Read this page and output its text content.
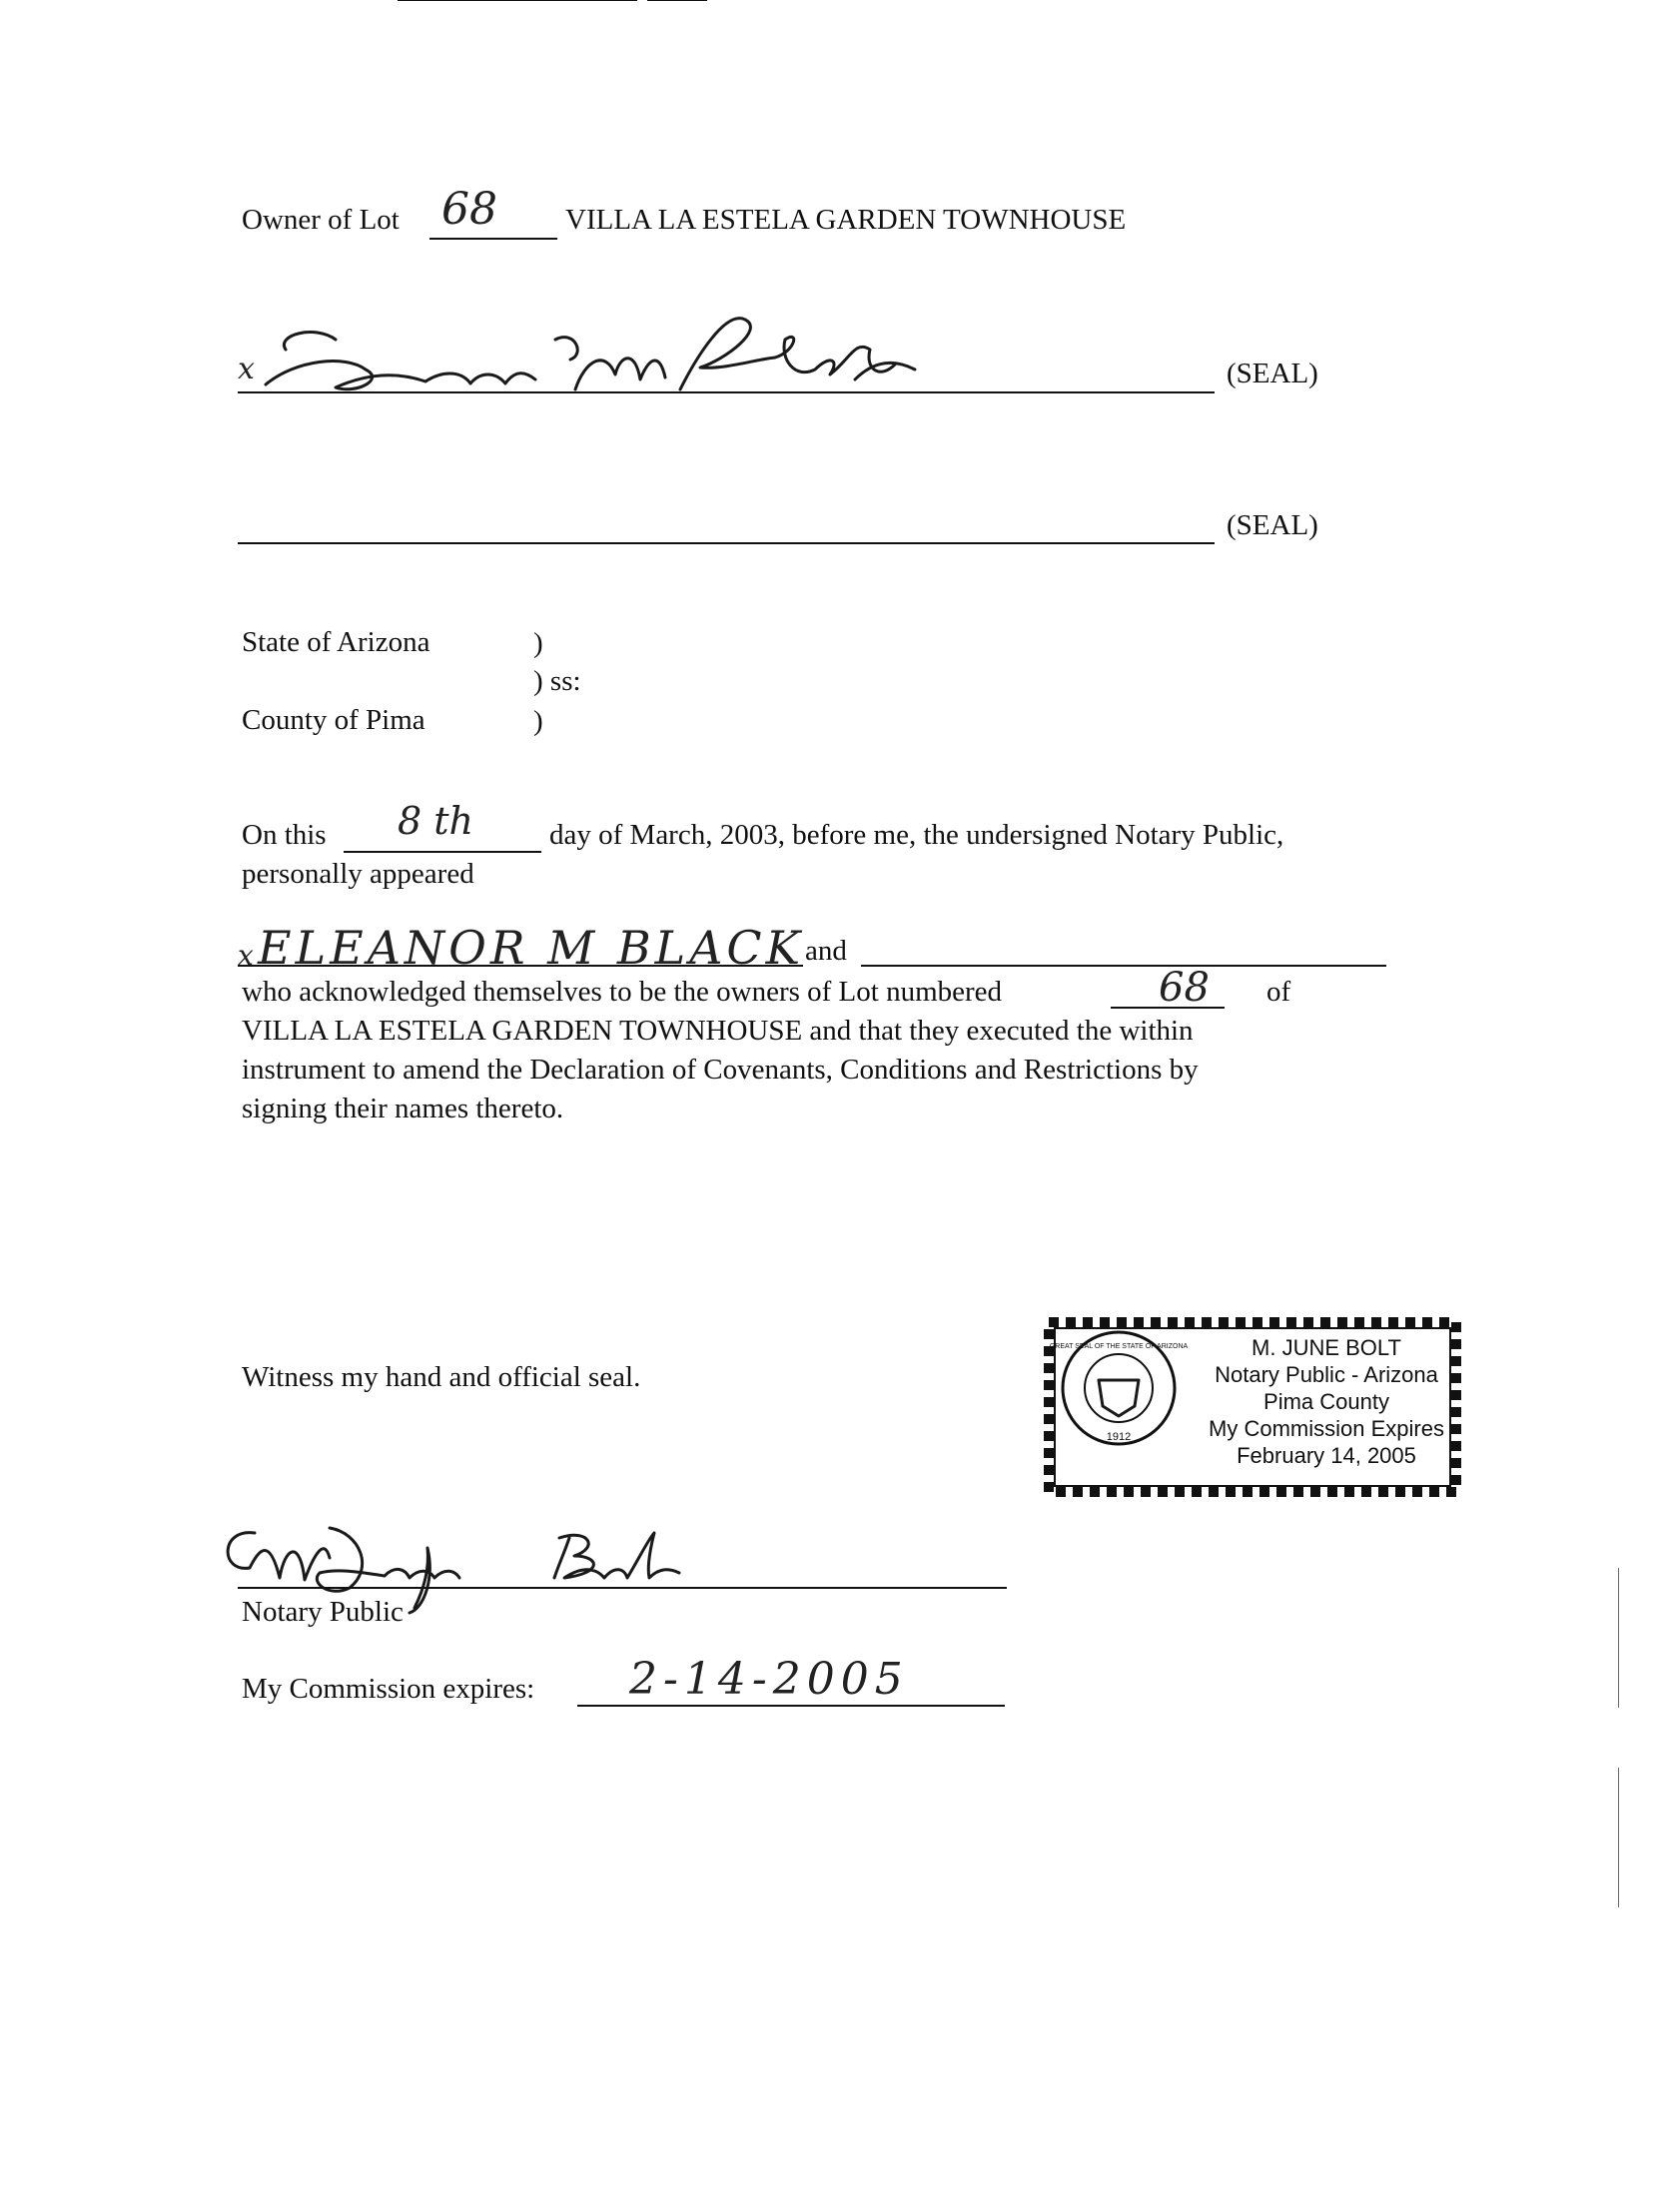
Owner of Lot 68 VILLA LA ESTELA GARDEN TOWNHOUSE
x	(SEAL)
(SEAL)
State of Arizona	)
) ss:
County of Pima	)
On this 8 th	day of March, 2003, before me, the undersigned Notary Public,
personally appeared
x ELEANOR M BLACK and
who acknowledged themselves to be the owners of Lot numbered	68 of
VILLA LA ESTELA GARDEN TOWNHOUSE and that they executed the within
instrument to amend the Declaration of Covenants, Conditions and Restrictions by
signing their names thereto.
Witness my hand and official seal.
1912
GREAT SEAL OF THE STATE OF ARIZONA	M. JUNE BOLT
Notary Public - Arizona
Pima County
My Commission Expires
February 14, 2005
Notary Public
My Commission expires: 2-14-2005
